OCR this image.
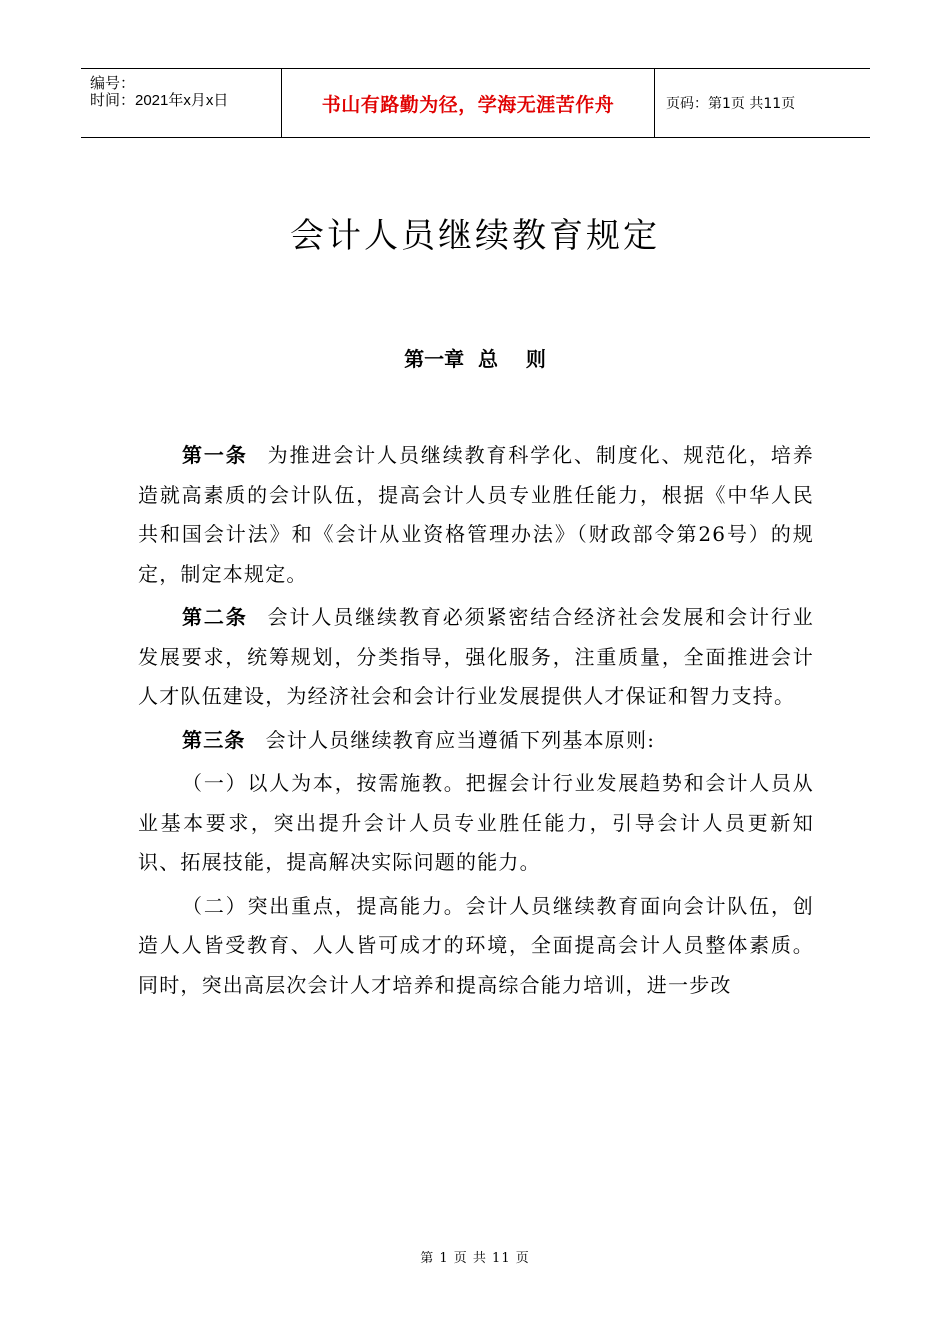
编号：
时间：2021年x月x日	书山有路勤为径，学海无涯苦作舟	页码：第1页 共11页
会计人员继续教育规定
第一章  总    则

第一条 为推进会计人员继续教育科学化、制度化、规范化，培养造就高素质的会计队伍，提高会计人员专业胜任能力，根据《中华人民共和国会计法》和《会计从业资格管理办法》（财政部令第26号）的规定，制定本规定。

第二条 会计人员继续教育必须紧密结合经济社会发展和会计行业发展要求，统筹规划，分类指导，强化服务，注重质量，全面推进会计人才队伍建设，为经济社会和会计行业发展提供人才保证和智力支持。

第三条 会计人员继续教育应当遵循下列基本原则:

（一）以人为本，按需施教。把握会计行业发展趋势和会计人员从业基本要求，突出提升会计人员专业胜任能力，引导会计人员更新知识、拓展技能，提高解决实际问题的能力。

（二）突出重点，提高能力。会计人员继续教育面向会计队伍，创造人人皆受教育、人人皆可成才的环境，全面提高会计人员整体素质。同时，突出高层次会计人才培养和提高综合能力培训，进一步改

第 1 页 共 11 页
